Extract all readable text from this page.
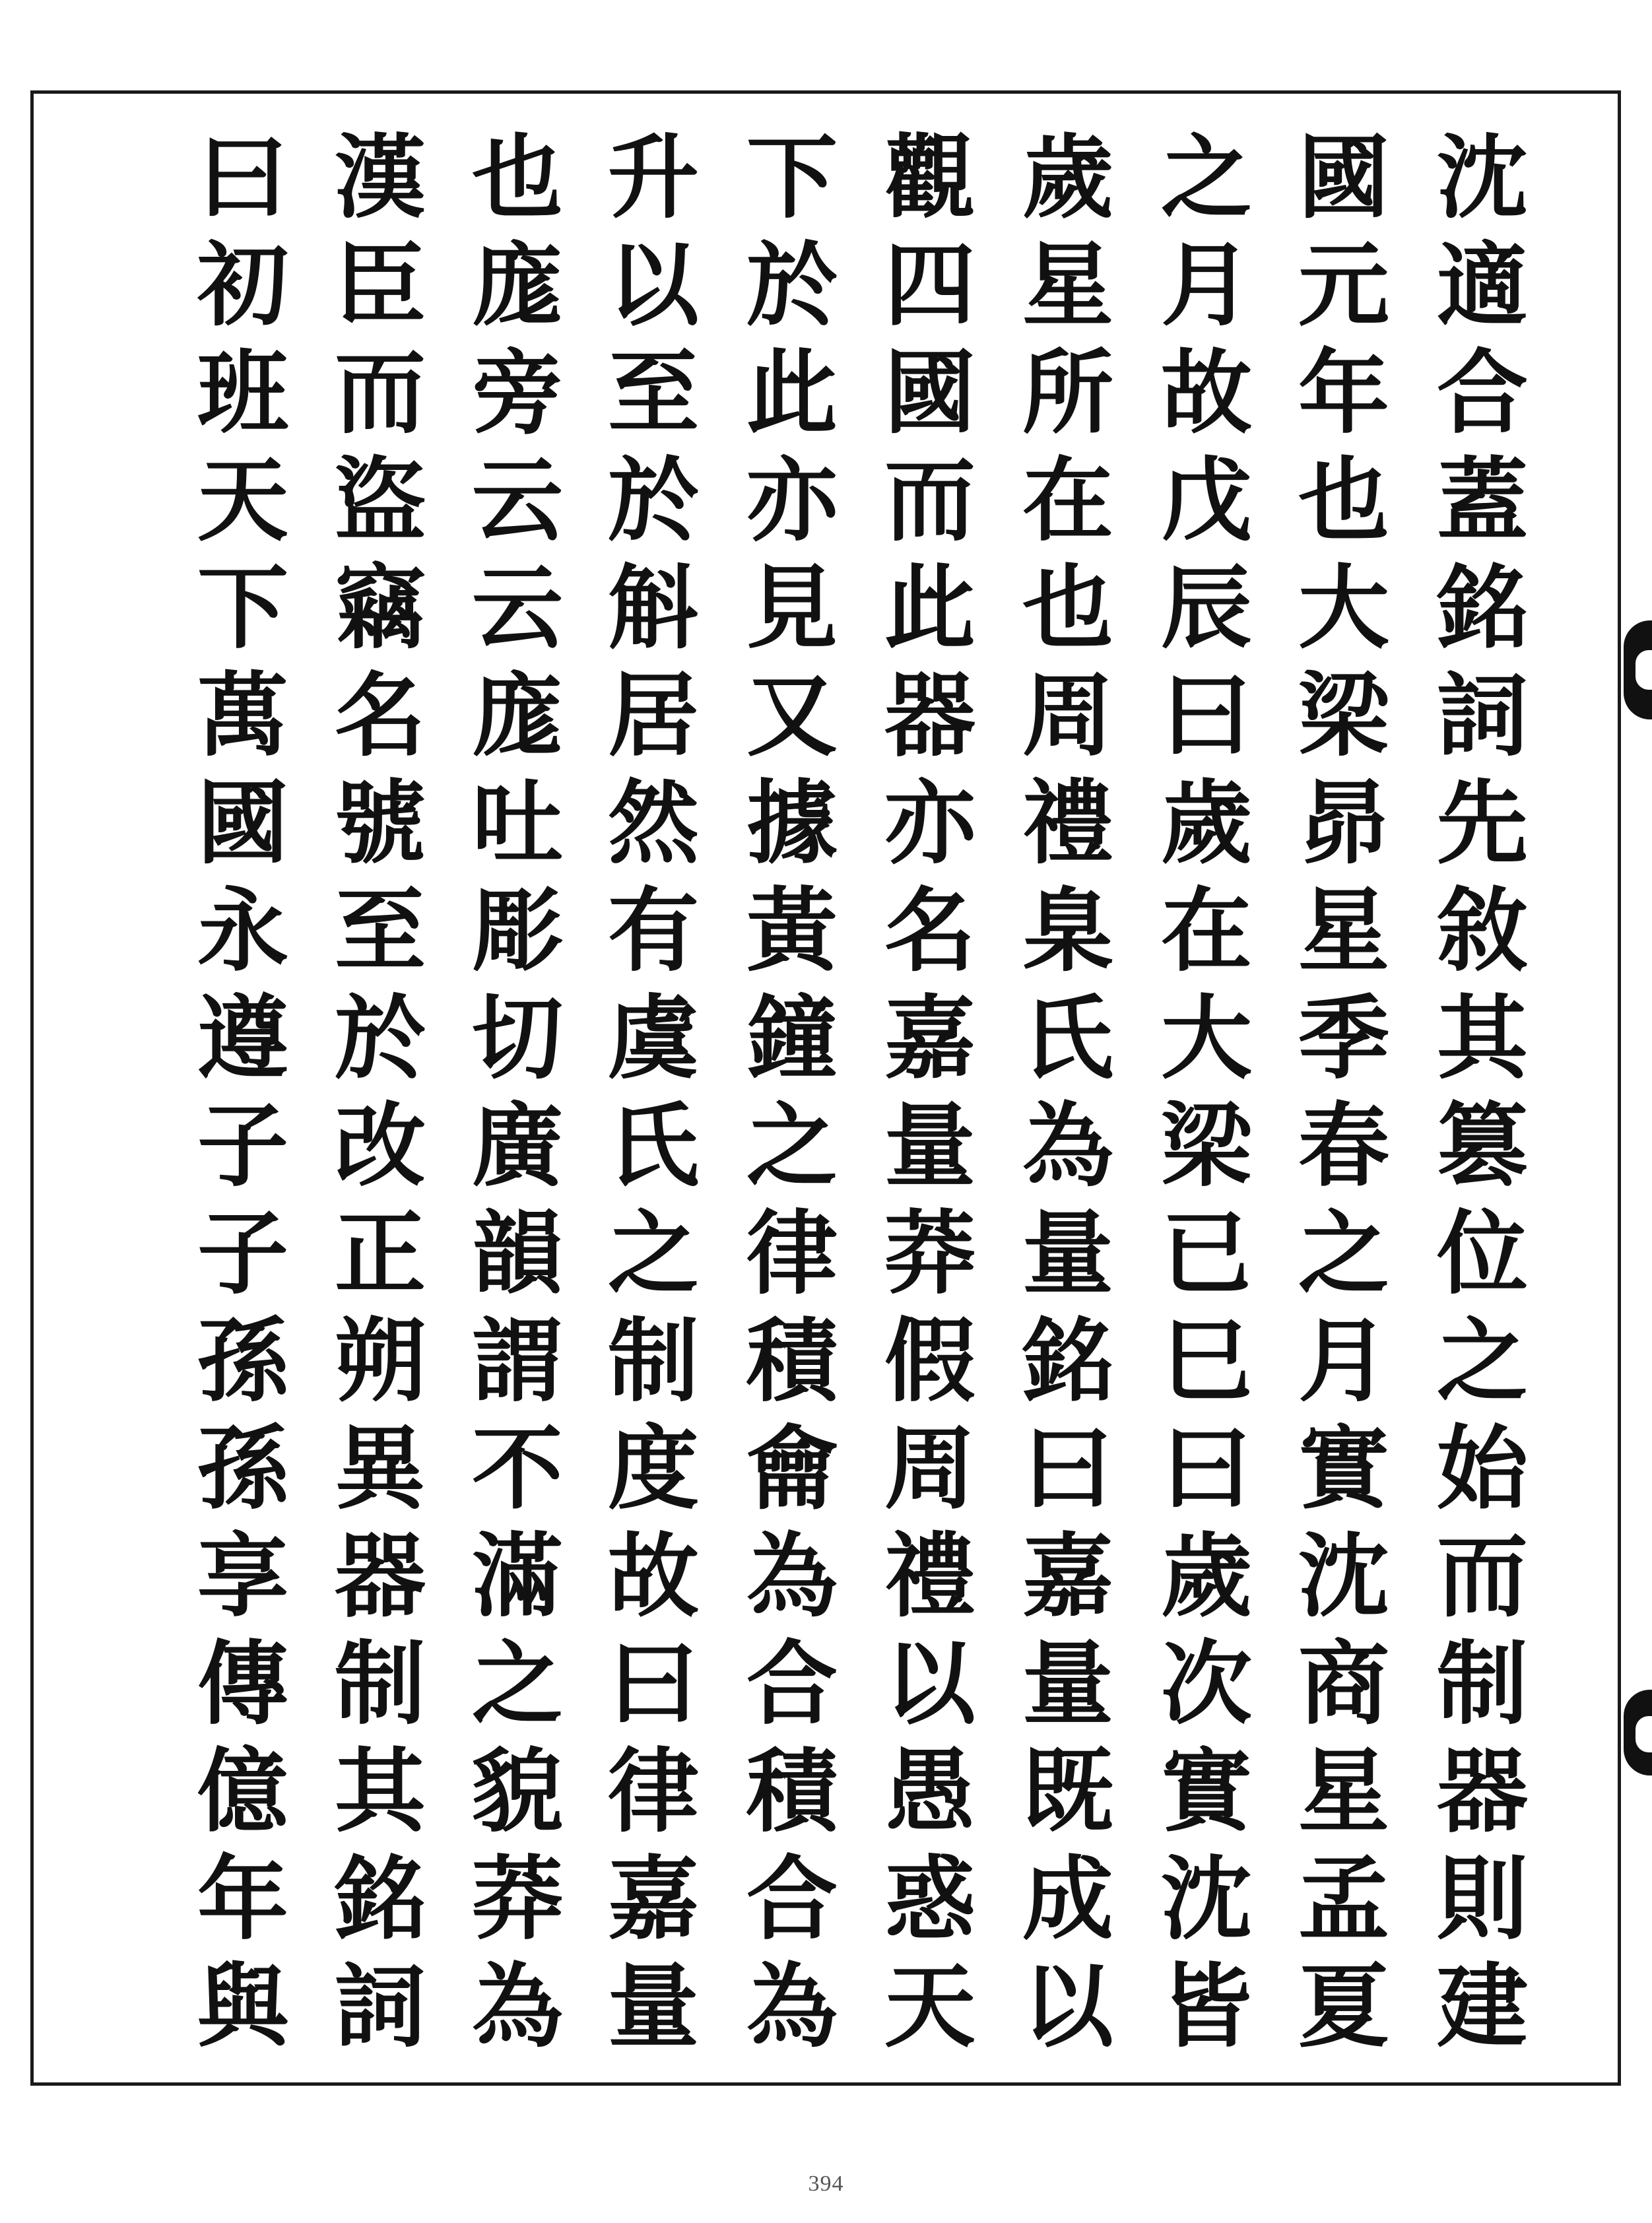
沈
適
合
蓋
銘
詞
先
敘
其
篡
位
之
始
而
制
器
則
建
國
元
年
也
大
梁
昴
星
季
春
之
月
實
沈
商
星
孟
夏
之
月
故
戊
辰
曰
歲
在
大
梁
已
巳
曰
歲
次
實
沈
皆
歲
星
所
在
也
周
禮
臬
氏
為
量
銘
曰
嘉
量
既
成
以
觀
四
國
而
此
器
亦
名
嘉
量
莽
假
周
禮
以
愚
惑
天
下
於
此
亦
見
又
據
黃
鐘
之
律
積
龠
為
合
積
合
為
升
以
至
於
斛
居
然
有
虞
氏
之
制
度
故
曰
律
嘉
量
也
庬
旁
云
云
庬
吐
彫
切
廣
韻
謂
不
滿
之
貌
莽
為
漢
臣
而
盜
竊
名
號
至
於
改
正
朔
異
器
制
其
銘
詞
曰
初
班
天
下
萬
國
永
遵
子
子
孫
孫
享
傳
億
年
與
394
